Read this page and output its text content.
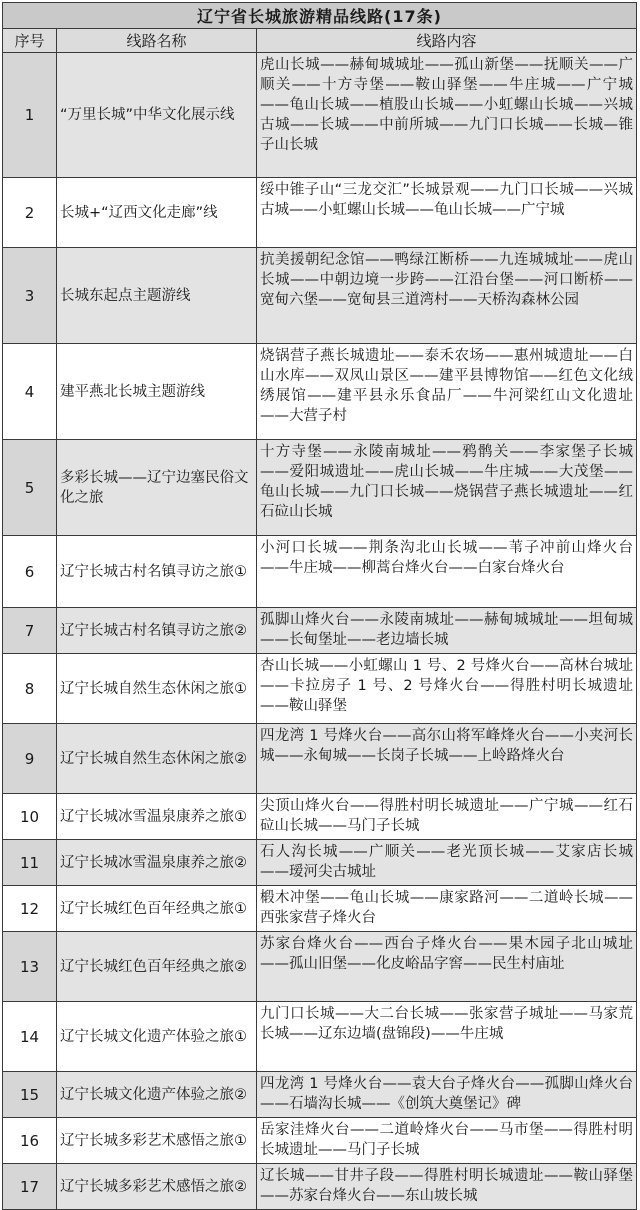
辽宁省长城旅游精品线路(17条)		
序号	线路名称	线路内容
1	“万里长城”中华文化展示线	虎山长城——赫甸城城址——孤山新堡——抚顺关——广顺关——十方寺堡——鞍山驿堡——牛庄城——广宁城——龟山长城——植股山长城——小虹螺山长城——兴城古城——长城——中前所城——九门口长城——长城—锥子山长城
2	长城+“辽西文化走廊”线	绥中锥子山“三龙交汇”长城景观——九门口长城——兴城古城——小虹螺山长城——龟山长城——广宁城
3	长城东起点主题游线	抗美援朝纪念馆——鸭绿江断桥——九连城城址——虎山长城——中朝边境一步跨——江沿台堡——河口断桥——宽甸六堡——宽甸县三道湾村——天桥沟森林公园
4	建平燕北长城主题游线	烧锅营子燕长城遗址——泰禾农场——惠州城遗址——白山水库——双凤山景区——建平县博物馆——红色文化绒绣展馆——建平县永乐食品厂——牛河梁红山文化遗址——大营子村
5	多彩长城——辽宁边塞民俗文化之旅	十方寺堡——永陵南城址——鸦鹘关——李家堡子长城——爱阳城遗址——虎山长城——牛庄城——大茂堡——龟山长城——九门口长城——烧锅营子燕长城遗址——红石砬山长城
6	辽宁长城古村名镇寻访之旅①	小河口长城——荆条沟北山长城——苇子冲前山烽火台——牛庄城——柳蒿台烽火台——白家台烽火台
7	辽宁长城古村名镇寻访之旅②	孤脚山烽火台——永陵南城址——赫甸城城址——坦甸城——长甸堡址——老边墙长城
8	辽宁长城自然生态休闲之旅①	杏山长城——小虹螺山 1 号、2 号烽火台——高林台城址——卡拉房子 1 号、2 号烽火台——得胜村明长城遗址——鞍山驿堡
9	辽宁长城自然生态休闲之旅②	四龙湾 1 号烽火台——高尔山将军峰烽火台——小夹河长城——永甸城——长岗子长城——上岭路烽火台
10	辽宁长城冰雪温泉康养之旅①	尖顶山烽火台——得胜村明长城遗址——广宁城——红石砬山长城——马门子长城
11	辽宁长城冰雪温泉康养之旅②	石人沟长城——广顺关——老光顶长城——艾家店长城——瑷河尖古城址
12	辽宁长城红色百年经典之旅①	椴木冲堡——龟山长城——康家路河——二道岭长城——西张家营子烽火台
13	辽宁长城红色百年经典之旅②	苏家台烽火台——西台子烽火台——果木园子北山城址——孤山旧堡——化皮峪品字窖——民生村庙址
14	辽宁长城文化遗产体验之旅①	九门口长城——大二台长城——张家营子城址——马家荒长城——辽东边墙(盘锦段)——牛庄城
15	辽宁长城文化遗产体验之旅②	四龙湾 1 号烽火台——袁大台子烽火台——孤脚山烽火台——石墙沟长城——《创筑大奠堡记》碑
16	辽宁长城多彩艺术感悟之旅①	岳家洼烽火台——二道岭烽火台——马市堡——得胜村明长城遗址——马门子长城
17	辽宁长城多彩艺术感悟之旅②	辽长城——甘井子段——得胜村明长城遗址——鞍山驿堡——苏家台烽火台——东山坡长城
